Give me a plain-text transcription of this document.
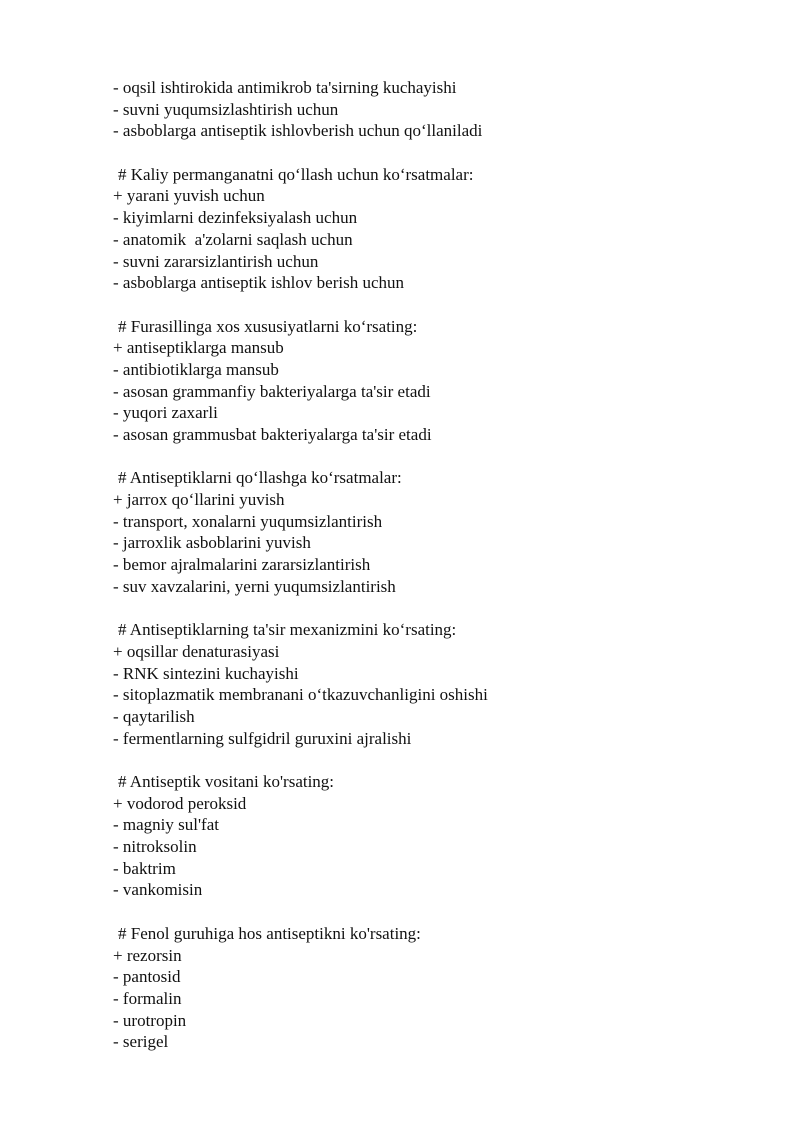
- oqsil ishtirokida antimikrob ta'sirning kuchayishi
- suvni yuqumsizlashtirish uchun
- asboblarga antiseptik ishlovberish uchun qo‘llaniladi
# Kaliy permanganatni qo‘llash uchun ko‘rsatmalar:
+ yarani yuvish uchun
- kiyimlarni dezinfeksiyalash uchun
- anatomik  a'zolarni saqlash uchun
- suvni zararsizlantirish uchun
- asboblarga antiseptik ishlov berish uchun
# Furasillinga xos xususiyatlarni ko‘rsating:
+ antiseptiklarga mansub
- antibiotiklarga mansub
- asosan grammanfiy bakteriyalarga ta'sir etadi
- yuqori zaxarli
- asosan grammusbat bakteriyalarga ta'sir etadi
# Antiseptiklarni qo‘llashga ko‘rsatmalar:
+ jarrox qo‘llarini yuvish
- transport, xonalarni yuqumsizlantirish
- jarroxlik asboblarini yuvish
- bemor ajralmalarini zararsizlantirish
- suv xavzalarini, yerni yuqumsizlantirish
# Antiseptiklarning ta'sir mexanizmini ko‘rsating:
+ oqsillar denaturasiyasi
- RNK sintezini kuchayishi
- sitoplazmatik membranani o‘tkazuvchanligini oshishi
- qaytarilish
- fermentlarning sulfgidril guruxini ajralishi
# Antiseptik vositani ko'rsating:
+ vodorod peroksid
- magniy sul'fat
- nitroksolin
- baktrim
- vankomisin
# Fenol guruhiga hos antiseptikni ko'rsating:
+ rezorsin
- pantosid
- formalin
- urotropin
- serigel
